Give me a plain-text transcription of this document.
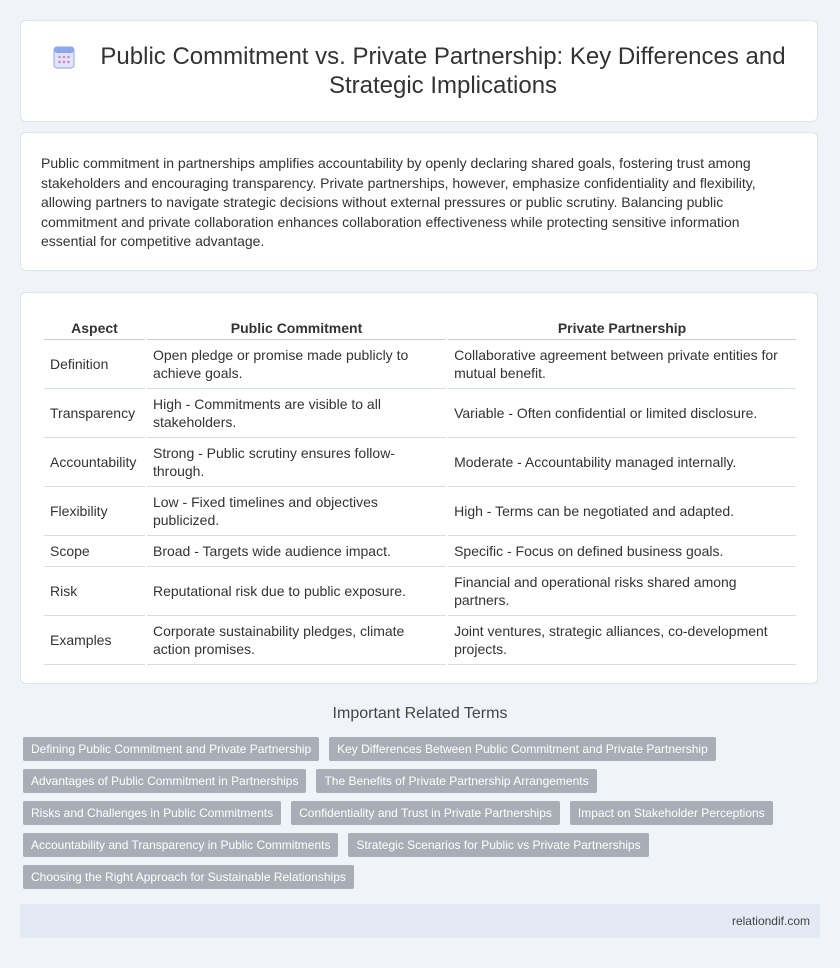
Public Commitment vs. Private Partnership: Key Differences and Strategic Implications

Public commitment in partnerships amplifies accountability by openly declaring shared goals, fostering trust among stakeholders and encouraging transparency. Private partnerships, however, emphasize confidentiality and flexibility, allowing partners to navigate strategic decisions without external pressures or public scrutiny. Balancing public commitment and private collaboration enhances collaboration effectiveness while protecting sensitive information essential for competitive advantage.

Aspect	Public Commitment	Private Partnership
Definition	Open pledge or promise made publicly to achieve goals.	Collaborative agreement between private entities for mutual benefit.
Transparency	High - Commitments are visible to all stakeholders.	Variable - Often confidential or limited disclosure.
Accountability	Strong - Public scrutiny ensures follow-through.	Moderate - Accountability managed internally.
Flexibility	Low - Fixed timelines and objectives publicized.	High - Terms can be negotiated and adapted.
Scope	Broad - Targets wide audience impact.	Specific - Focus on defined business goals.
Risk	Reputational risk due to public exposure.	Financial and operational risks shared among partners.
Examples	Corporate sustainability pledges, climate action promises.	Joint ventures, strategic alliances, co-development projects.
Important Related Terms
Defining Public Commitment and Private Partnership	Key Differences Between Public Commitment and Private Partnership
Advantages of Public Commitment in Partnerships	The Benefits of Private Partnership Arrangements
Risks and Challenges in Public Commitments	Confidentiality and Trust in Private Partnerships	Impact on Stakeholder Perceptions
Accountability and Transparency in Public Commitments	Strategic Scenarios for Public vs Private Partnerships
Choosing the Right Approach for Sustainable Relationships
relationdif.com
